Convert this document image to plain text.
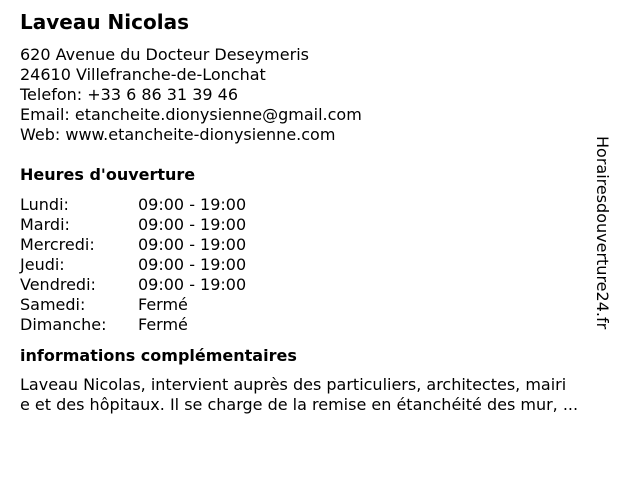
Laveau Nicolas
620 Avenue du Docteur Deseymeris
24610 Villefranche-de-Lonchat
Telefon: +33 6 86 31 39 46
Email: etancheite.dionysienne@gmail.com
Web: www.etancheite-dionysienne.com
Heures d'ouverture
Lundi:	09:00 - 19:00
Mardi:	09:00 - 19:00
Mercredi:	09:00 - 19:00
Jeudi:	09:00 - 19:00
Vendredi:	09:00 - 19:00
Samedi:	Fermé
Dimanche: Fermé
informations complémentaires
Laveau Nicolas, intervient auprès des particuliers, architectes, mairi
e et des hôpitaux. Il se charge de la remise en étanchéité des mur, ...
Horairesdouverture24.fr
